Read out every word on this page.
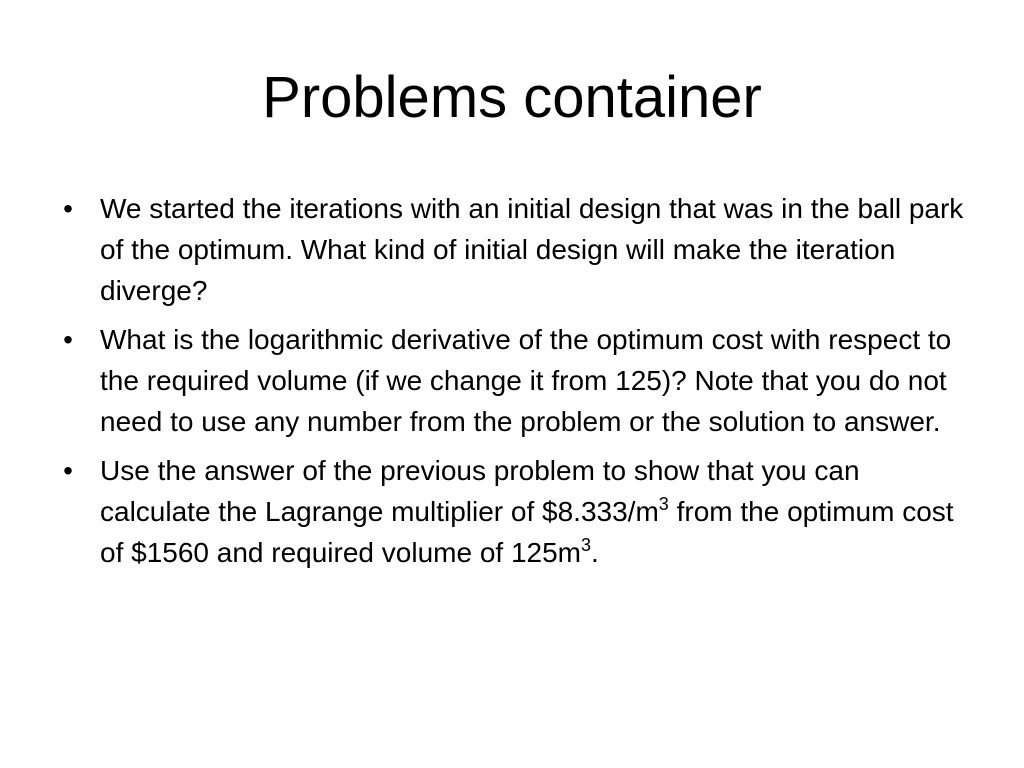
Problems container
• We started the iterations with an initial design that was in the ball park of the optimum. What kind of initial design will make the iteration diverge?
• What is the logarithmic derivative of the optimum cost with respect to the required volume (if we change it from 125)? Note that you do not need to use any number from the problem or the solution to answer.
• Use the answer of the previous problem to show that you can calculate the Lagrange multiplier of $\$8.333/m^3$ from the optimum cost of $1560 and required volume of $125m^3$.
